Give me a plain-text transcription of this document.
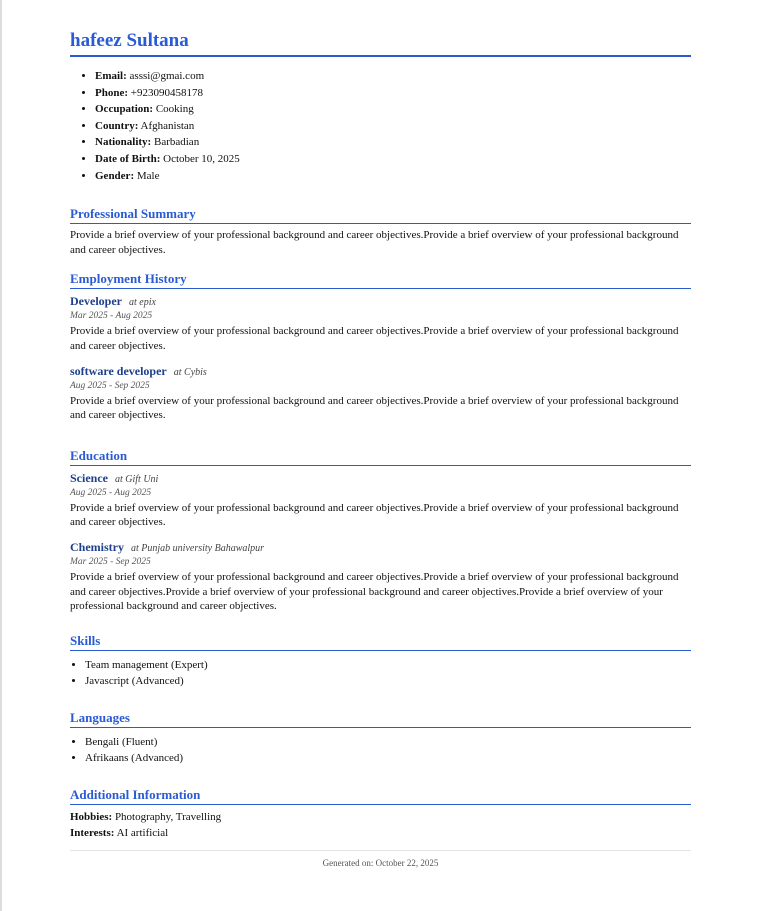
hafeez Sultana
• Email: asssi@gmai.com
• Phone: +923090458178
• Occupation: Cooking
• Country: Afghanistan
• Nationality: Barbadian
• Date of Birth: October 10, 2025
• Gender: Male
Professional Summary
Provide a brief overview of your professional background and career objectives.Provide a brief overview of your professional background and career objectives.
Employment History
Developer at epix
Mar 2025 - Aug 2025
Provide a brief overview of your professional background and career objectives.Provide a brief overview of your professional background and career objectives.
software developer at Cybis
Aug 2025 - Sep 2025
Provide a brief overview of your professional background and career objectives.Provide a brief overview of your professional background and career objectives.
Education
Science at Gift Uni
Aug 2025 - Aug 2025
Provide a brief overview of your professional background and career objectives.Provide a brief overview of your professional background and career objectives.
Chemistry at Punjab university Bahawalpur
Mar 2025 - Sep 2025
Provide a brief overview of your professional background and career objectives.Provide a brief overview of your professional background and career objectives.Provide a brief overview of your professional background and career objectives.Provide a brief overview of your professional background and career objectives.
Skills
• Team management (Expert)
• Javascript (Advanced)
Languages
• Bengali (Fluent)
• Afrikaans (Advanced)
Additional Information
Hobbies: Photography, Travelling
Interests: AI artificial
Generated on: October 22, 2025
